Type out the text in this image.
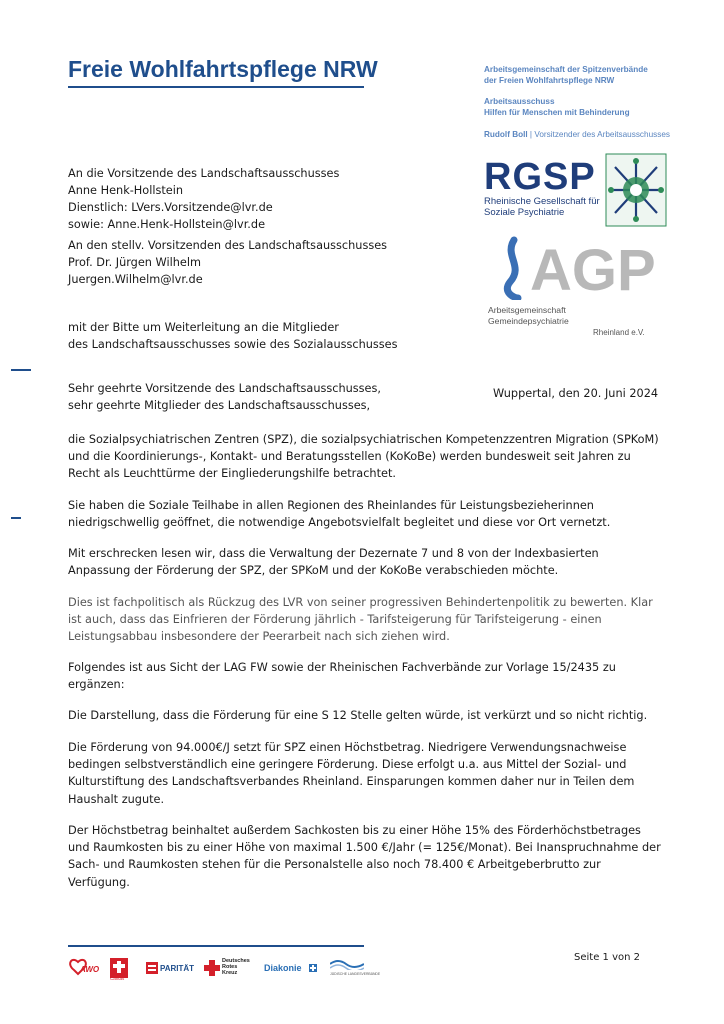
Freie Wohlfahrtspflege NRW	Arbeitsgemeinschaft der Spitzenverbände
der Freien Wohlfahrtspflege NRW
Arbeitsausschuss
Hilfen für Menschen mit Behinderung
Rudolf Boll | Vorsitzender des Arbeitsausschusses
RGSP
Rheinische Gesellschaft für
Soziale Psychiatrie
AGP
Arbeitsgemeinschaft
Gemeindepsychiatrie
Rheinland e.V.
An die Vorsitzende des Landschaftsausschusses
Anne Henk-Hollstein
Dienstlich: LVers.Vorsitzende@lvr.de
sowie: Anne.Henk-Hollstein@lvr.de
An den stellv. Vorsitzenden des Landschaftsausschusses
Prof. Dr. Jürgen Wilhelm
Juergen.Wilhelm@lvr.de
mit der Bitte um Weiterleitung an die Mitglieder
des Landschaftsausschusses sowie des Sozialausschusses
Sehr geehrte Vorsitzende des Landschaftsausschusses,
sehr geehrte Mitglieder des Landschaftsausschusses,
Wuppertal, den 20. Juni 2024
die Sozialpsychiatrischen Zentren (SPZ), die sozialpsychiatrischen Kompetenzzentren Migration (SPKoM)
und die Koordinierungs-, Kontakt- und Beratungsstellen (KoKoBe) werden bundesweit seit Jahren zu
Recht als Leuchttürme der Eingliederungshilfe betrachtet.
Sie haben die Soziale Teilhabe in allen Regionen des Rheinlandes für Leistungsbezieherinnen
niedrigschwellig geöffnet, die notwendige Angebotsvielfalt begleitet und diese vor Ort vernetzt.
Mit erschrecken lesen wir, dass die Verwaltung der Dezernate 7 und 8 von der Indexbasierten
Anpassung der Förderung der SPZ, der SPKoM und der KoKoBe verabschieden möchte.
Dies ist fachpolitisch als Rückzug des LVR von seiner progressiven Behindertenpolitik zu bewerten. Klar
ist auch, dass das Einfrieren der Förderung jährlich - Tarifsteigerung für Tarifsteigerung - einen
Leistungsabbau insbesondere der Peerarbeit nach sich ziehen wird.
Folgendes ist aus Sicht der LAG FW sowie der Rheinischen Fachverbände zur Vorlage 15/2435 zu
ergänzen:
Die Darstellung, dass die Förderung für eine S 12 Stelle gelten würde, ist verkürzt und so nicht richtig.
Die Förderung von 94.000€/J setzt für SPZ einen Höchstbetrag. Niedrigere Verwendungsnachweise
bedingen selbstverständlich eine geringere Förderung. Diese erfolgt u.a. aus Mittel der Sozial- und
Kulturstiftung des Landschaftsverbandes Rheinland. Einsparungen kommen daher nur in Teilen dem
Haushalt zugute.
Der Höchstbetrag beinhaltet außerdem Sachkosten bis zu einer Höhe 15% des Förderhöchstbetrages
und Raumkosten bis zu einer Höhe von maximal 1.500 €/Jahr (= 125€/Monat). Bei Inanspruchnahme der
Sach- und Raumkosten stehen für die Personalstelle also noch 78.400 € Arbeitgeberbrutto zur
Verfügung.
Seite 1 von 2
AWO
Caritas
PARITÄT
Deutsches
Rotes
Kreuz	Diakonie
JÜDISCHE LANDESVERBÄNDE
